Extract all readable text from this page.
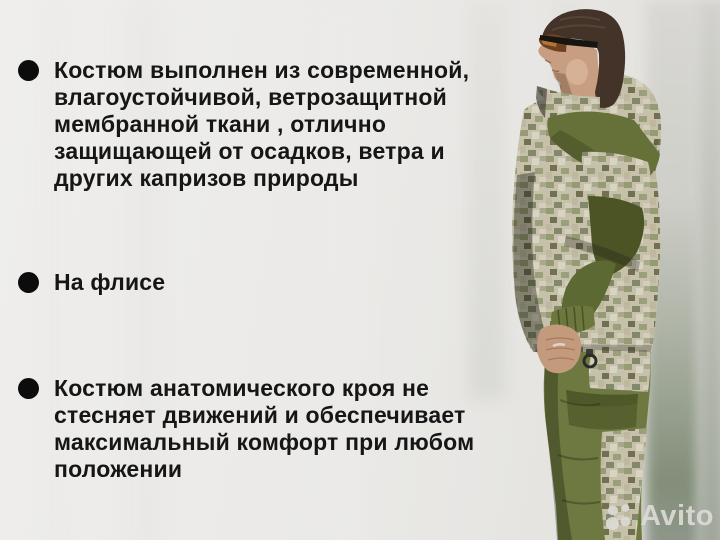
Костюм выполнен из современной, влагоустойчивой, ветрозащитной мембранной ткани , отлично защищающей от осадков, ветра и других капризов природы

На флисе

Костюм анатомического кроя не стесняет движений и обеспечивает максимальный комфорт при любом положении

Avito
